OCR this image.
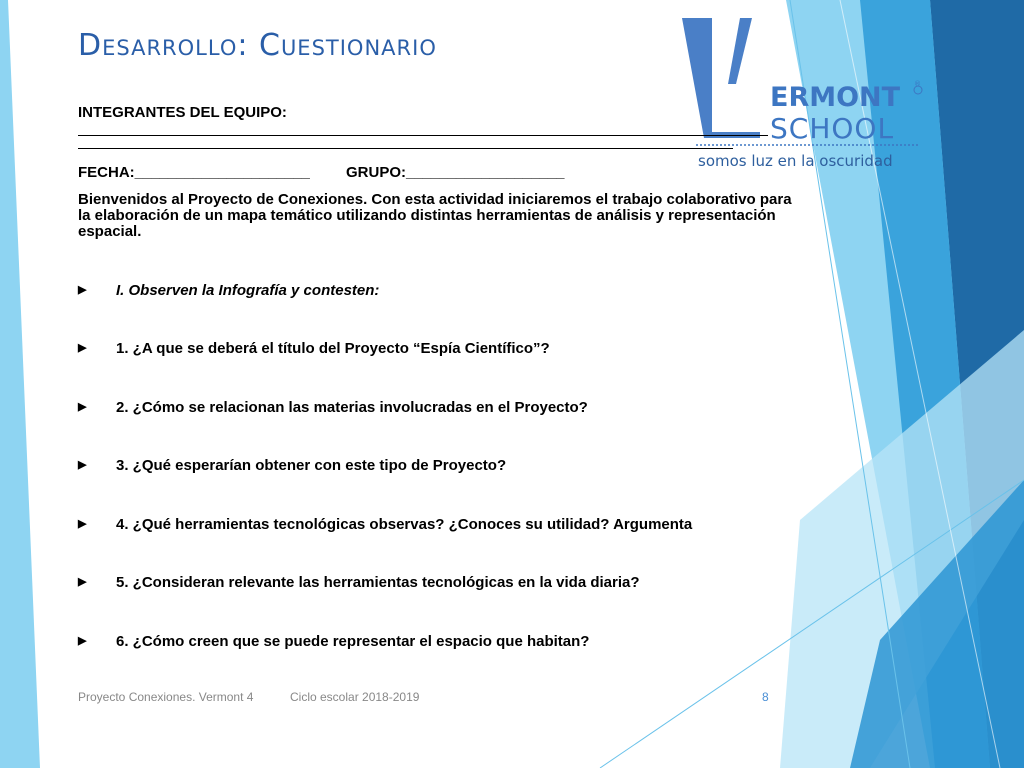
ERMONT
SCHOOL
somos luz en la oscuridad
®
Desarrollo: Cuestionario
INTEGRANTES DEL EQUIPO:
FECHA:_____________________ GRUPO:___________________
Bienvenidos al Proyecto de Conexiones. Con esta actividad iniciaremos el trabajo colaborativo para la elaboración de un mapa temático utilizando distintas herramientas de análisis y representación espacial.
▶ I. Observen la Infografía y contesten:
▶ 1. ¿A que se deberá el título del Proyecto “Espía Científico”?
▶ 2. ¿Cómo se relacionan las materias involucradas en el Proyecto?
▶ 3. ¿Qué esperarían obtener con este tipo de Proyecto?
▶ 4. ¿Qué herramientas tecnológicas observas? ¿Conoces su utilidad? Argumenta
▶ 5. ¿Consideran relevante las herramientas tecnológicas en la vida diaria?
▶ 6. ¿Cómo creen que se puede representar el espacio que habitan?
Proyecto Conexiones. Vermont 4	Ciclo escolar 2018-2019	8
